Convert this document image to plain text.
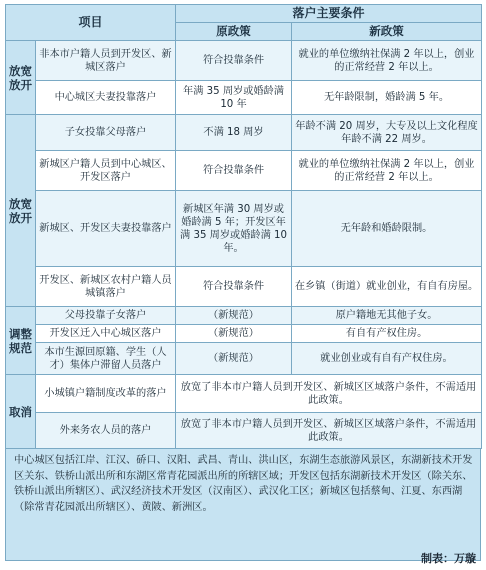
项目		落户主要条件	
		原政策	新政策
放宽
放开	非本市户籍人员到开发区、新城区落户	符合投靠条件	就业的单位缴纳社保满 2 年以上，创业的正常经营 2 年以上。
	中心城区夫妻投靠落户	年满 35 周岁或婚龄满 10 年	无年龄限制，婚龄满 5 年。
放宽
放开	子女投靠父母落户	不满 18 周岁	年龄不满 20 周岁，大专及以上文化程度年龄不满 22 周岁。
	新城区户籍人员到中心城区、开发区落户	符合投靠条件	就业的单位缴纳社保满 2 年以上，创业的正常经营 2 年以上。
	新城区、开发区夫妻投靠落户	新城区年满 30 周岁或婚龄满 5 年；开发区年满 35 周岁或婚龄满 10 年。	无年龄和婚龄限制。
	开发区、新城区农村户籍人员城镇落户	符合投靠条件	在乡镇（街道）就业创业，有自有房屋。
调整
规范	父母投靠子女落户	（新规范）	原户籍地无其他子女。
	开发区迁入中心城区落户	（新规范）	有自有产权住房。
	本市生源回原籍、学生（人才）集体户滞留人员落户	（新规范）	就业创业或有自有产权住房。
取消	小城镇户籍制度改革的落户	放宽了非本市户籍人员到开发区、新城区区域落户条件，不需适用此政策。	
	外来务农人员的落户	放宽了非本市户籍人员到开发区、新城区区域落户条件，不需适用此政策。	
中心城区包括江岸、江汉、硚口、汉阳、武昌、青山、洪山区，东湖生态旅游风景区，东湖新技术开发区关东、铁桥山派出所和东湖区常青花园派出所的所辖区域；开发区包括东湖新技术开发区（除关东、铁桥山派出所辖区）、武汉经济技术开发区（汉南区）、武汉化工区；新城区包括蔡甸、江夏、东西湖（除常青花园派出所辖区）、黄陂、新洲区。
制表：万璇
